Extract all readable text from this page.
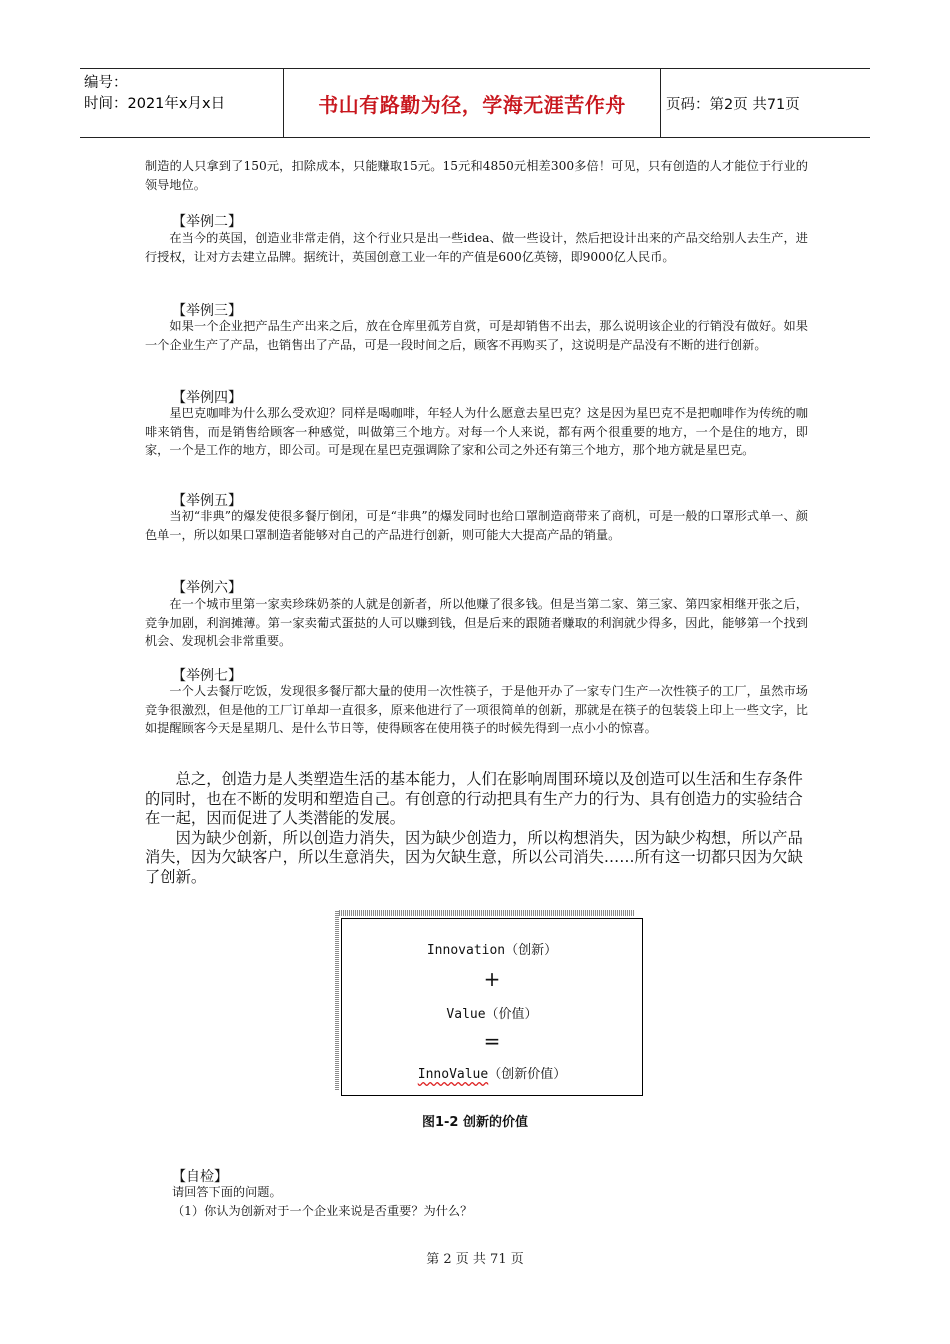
编号：
时间：2021年x月x日	书山有路勤为径，学海无涯苦作舟	页码：第2页 共71页

制造的人只拿到了150元，扣除成本，只能赚取15元。15元和4850元相差300多倍！可见，只有创造的人才能位于行业的领导地位。

【举例二】

在当今的英国，创造业非常走俏，这个行业只是出一些idea、做一些设计，然后把设计出来的产品交给别人去生产，进行授权，让对方去建立品牌。据统计，英国创意工业一年的产值是600亿英镑，即9000亿人民币。

【举例三】

如果一个企业把产品生产出来之后，放在仓库里孤芳自赏，可是却销售不出去，那么说明该企业的行销没有做好。如果一个企业生产了产品，也销售出了产品，可是一段时间之后，顾客不再购买了，这说明是产品没有不断的进行创新。

【举例四】

星巴克咖啡为什么那么受欢迎？同样是喝咖啡，年轻人为什么愿意去星巴克？这是因为星巴克不是把咖啡作为传统的咖啡来销售，而是销售给顾客一种感觉，叫做第三个地方。对每一个人来说，都有两个很重要的地方，一个是住的地方，即家，一个是工作的地方，即公司。可是现在星巴克强调除了家和公司之外还有第三个地方，那个地方就是星巴克。

【举例五】

当初“非典”的爆发使很多餐厅倒闭，可是“非典”的爆发同时也给口罩制造商带来了商机，可是一般的口罩形式单一、颜色单一，所以如果口罩制造者能够对自己的产品进行创新，则可能大大提高产品的销量。

【举例六】

在一个城市里第一家卖珍珠奶茶的人就是创新者，所以他赚了很多钱。但是当第二家、第三家、第四家相继开张之后，竞争加剧，利润摊薄。第一家卖葡式蛋挞的人可以赚到钱，但是后来的跟随者赚取的利润就少得多，因此，能够第一个找到机会、发现机会非常重要。

【举例七】

一个人去餐厅吃饭，发现很多餐厅都大量的使用一次性筷子，于是他开办了一家专门生产一次性筷子的工厂，虽然市场竞争很激烈，但是他的工厂订单却一直很多，原来他进行了一项很简单的创新，那就是在筷子的包装袋上印上一些文字，比如提醒顾客今天是星期几、是什么节日等，使得顾客在使用筷子的时候先得到一点小小的惊喜。

总之，创造力是人类塑造生活的基本能力，人们在影响周围环境以及创造可以生活和生存条件的同时，也在不断的发明和塑造自己。有创意的行动把具有生产力的行为、具有创造力的实验结合在一起，因而促进了人类潜能的发展。

因为缺少创新，所以创造力消失，因为缺少创造力，所以构想消失，因为缺少构想，所以产品消失，因为欠缺客户，所以生意消失，因为欠缺生意，所以公司消失……所有这一切都只因为欠缺了创新。

Innovation（创新）
+
Value（价值）
=
InnoValue（创新价值）
图1-2 创新的价值
【自检】

请回答下面的问题。

（1）你认为创新对于一个企业来说是否重要？为什么？

第 2 页 共 71 页
